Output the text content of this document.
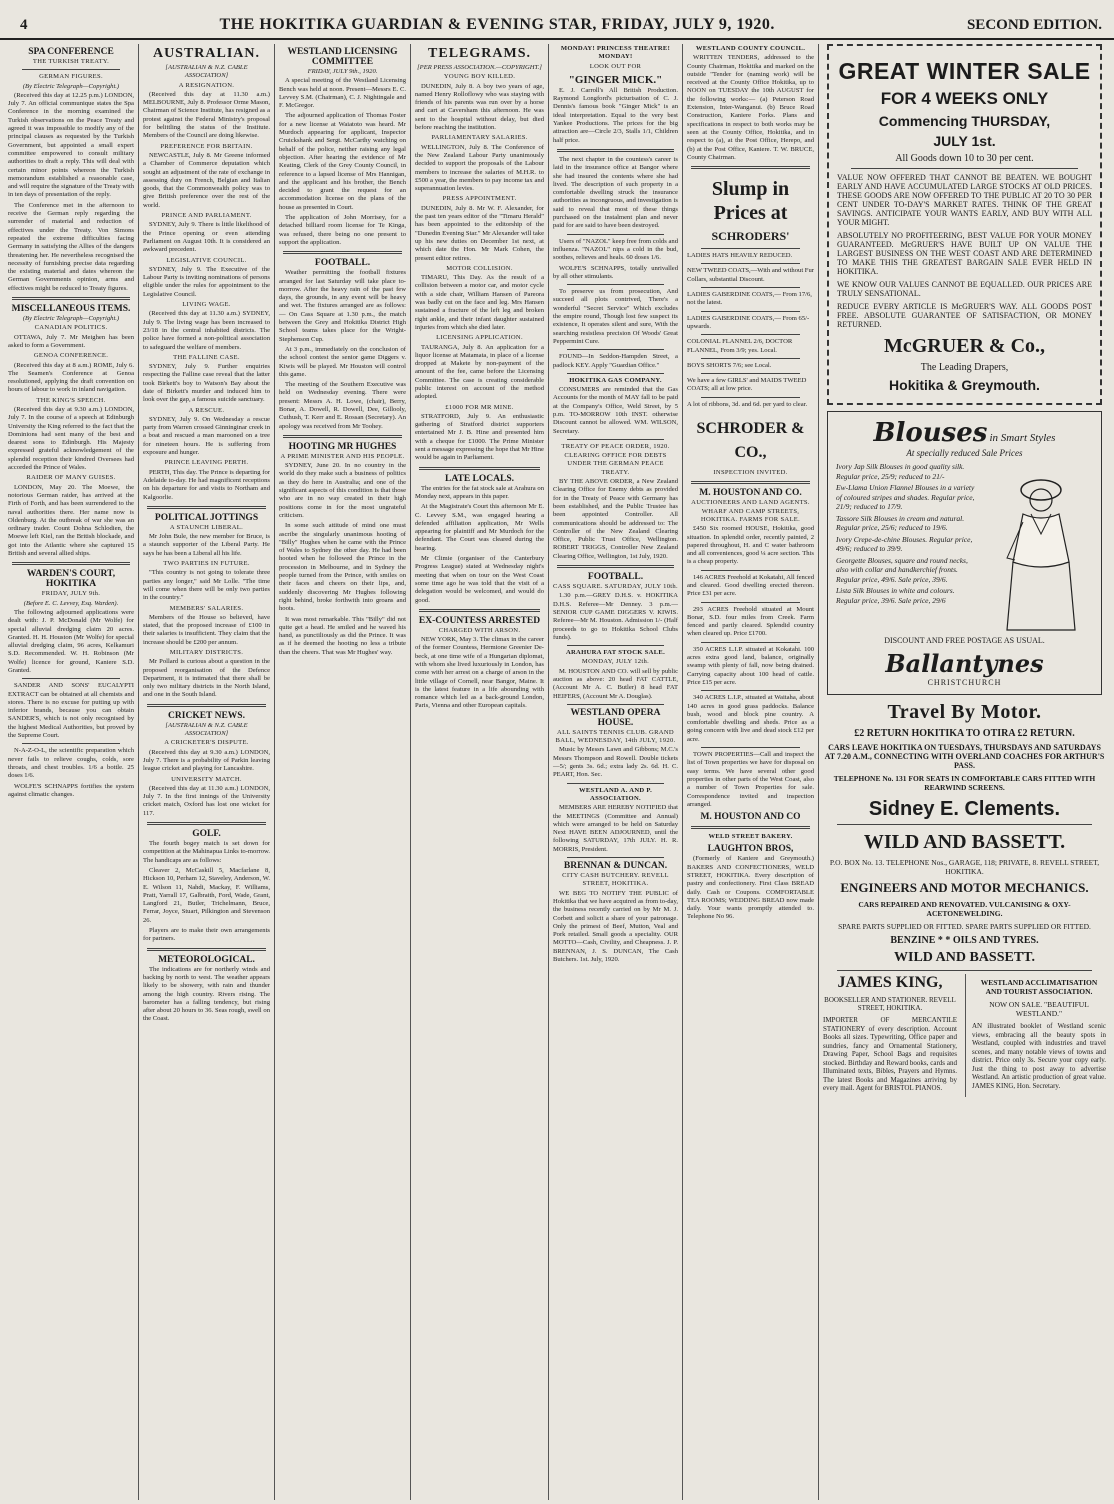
4	THE HOKITIKA GUARDIAN & EVENING STAR, FRIDAY, JULY 9, 1920.	SECOND EDITION.
SPA CONFERENCE
THE TURKISH TREATY.
GERMAN FIGURES.
(By Electric Telegraph—Copyright.)

(Received this day at 12.25 p.m.) LONDON, July 7. An official communique states the Spa Conference in the morning examined the Turkish observations on the Peace Treaty and agreed it was impossible to modify any of the principal clauses as requested by the Turkish Government, but appointed a small expert committee empowered to consult military authorities to draft a reply. This will deal with certain minor points whereon the Turkish memorandum established a reasonable case, and will require the signature of the Treaty with in ten days of presentation of the reply.

The Conference met in the afternoon to receive the German reply regarding the surrender of material and reduction of effectives under the Treaty. Von Simons repeated the extreme difficulties facing Germany in satisfying the Allies of the dangers threatening her. He nevertheless recognised the necessity of furnishing precise data regarding the existing material and dates whereon the German Governments opinion, arms and effectives might be reduced to Treaty figures.

MISCELLANEOUS ITEMS.
(By Electric Telegraph—Copyright.)
CANADIAN POLITICS.

OTTAWA, July 7. Mr Meighen has been asked to form a Government.

GENOA CONFERENCE.

(Received this day at 8 a.m.) ROME, July 6. The Seamen's Conference at Genoa resolutioned, applying the draft convention on hours of labour to work in inland navigation.

THE KING'S SPEECH.

(Received this day at 9.30 a.m.) LONDON, July 7. In the course of a speech at Edinburgh University the King referred to the fact that the Dominions had sent many of the best and dearest sons to Edinburgh. His Majesty expressed grateful acknowledgement of the splendid reception their kindred Oversees had accorded the Prince of Wales.

RAIDER OF MANY GUISES.

LONDON, May 20. The Moewe, the notorious German raider, has arrived at the Firth of Forth, and has been surrendered to the naval authorities there. Her name now is Oldenburg. At the outbreak of war she was an ordinary trader. Count Dohna Schlodien, the Moewe left Kiel, ran the British blockade, and got into the Atlantic where she captured 15 British and several allied ships.

WARDEN'S COURT, HOKITIKA
FRIDAY, JULY 9th.
(Before E. C. Levvey, Esq. Warden).

The following adjourned applications were dealt with: J. P. McDonald (Mr Wolfe) for special alluvial dredging claim 20 acres. Granted. H. H. Houston (Mr Wolfe) for special alluvial dredging claim, 96 acres, Kelkamuri S.D. Recommended. W. H. Robinson (Mr Wolfe) licence for ground, Kaniere S.D. Granted.

SANDER AND SONS' EUCALYPTI EXTRACT can be obtained at all chemists and stores. There is no excuse for putting up with inferior brands, because you can obtain SANDER'S, which is not only recognised by the highest Medical Authorities, but proved by the Supreme Court.

N-A-Z-O-L, the scientific preparation which never fails to relieve coughs, colds, sore throats, and chest troubles. 1/6 a bottle. 25 doses 1/6.

WOLFE'S SCHNAPPS fortifies the system against climatic changes.

AUSTRALIAN.
[AUSTRALIAN & N.Z. CABLE ASSOCIATION]
A RESIGNATION.

(Received this day at 11.30 a.m.) MELBOURNE, July 8. Professor Orme Mason, Chairman of Science Institute, has resigned as a protest against the Federal Ministry's proposal for belittling the status of the Institute. Members of the Council are doing likewise.

PREFERENCE FOR BRITAIN.

NEWCASTLE, July 8. Mr Greene informed a Chamber of Commerce deputation which sought an adjustment of the rate of exchange in assessing duty on French, Belgian and Italian goods, that the Commonwealth policy was to give British preference over the rest of the world.

PRINCE AND PARLIAMENT.

SYDNEY, July 9. There is little likelihood of the Prince opening or even attending Parliament on August 10th. It is considered an awkward precedent.

LEGISLATIVE COUNCIL.

SYDNEY, July 9. The Executive of the Labour Party is inviting nominations of persons eligible under the rules for appointment to the Legislative Council.

LIVING WAGE.

(Received this day at 11.30 a.m.) SYDNEY, July 9. The living wage has been increased to 23/18 in the central inhabited districts. The police have formed a non-political association to safeguard the welfare of members.

THE FALLINE CASE.

SYDNEY, July 9. Further enquiries respecting the Falline case reveal that the latter took Birkett's boy to Watson's Bay about the date of Birkett's murder and induced him to look over the gap, a famous suicide sanctuary.

A RESCUE.

SYDNEY, July 9. On Wednesday a rescue party from Warren crossed Ginninginar creek in a boat and rescued a man marooned on a tree for nineteen hours. He is suffering from exposure and hunger.

PRINCE LEAVING PERTH.

PERTH, This day. The Prince is departing for Adelaide to-day. He had magnificent receptions on his departure for and visits to Northam and Kalgoorlie.

POLITICAL JOTTINGS
A STAUNCH LIBERAL.

Mr John Bule, the new member for Bruce, is a staunch supporter of the Liberal Party. He says he has been a Liberal all his life.

TWO PARTIES IN FUTURE.

"This country is not going to tolerate three parties any longer," said Mr Lolle. "The time will come when there will be only two parties in the country."

MEMBERS' SALARIES.

Members of the House so believed, have stated, that the proposed increase of £100 in their salaries is insufficient. They claim that the increase should be £200 per annum.

MILITARY DISTRICTS.

Mr Pollard is curious about a question in the proposed reorganisation of the Defence Department, it is intimated that there shall be only two military districts in the North Island, and one in the South Island.

CRICKET NEWS.
[AUSTRALIAN & N.Z. CABLE ASSOCIATION]
A CRICKETER'S DISPUTE.

(Received this day at 9.30 a.m.) LONDON, July 7. There is a probability of Parkin leaving league cricket and playing for Lancashire.

UNIVERSITY MATCH.

(Received this day at 11.30 a.m.) LONDON, July 7. In the first innings of the University cricket match, Oxford has lost one wicket for 117.

GOLF.

The fourth bogey match is set down for competition at the Mahinapua Links to-morrow. The handicaps are as follows:

Cleaver 2, McCaskill 5, Macfarlane 8, Hickson 10, Perham 12, Staveley, Anderson, W. E. Wilson 11, Nahdi, Mackay, F. Williams, Pratt, Yarrall 17, Galbraith, Ford, Wade, Grant, Langford 21, Butler, Trichelmann, Bruce, Ferrar, Joyce, Stuart, Pilkington and Stevenson 26.

Players are to make their own arrangements for partners.

METEOROLOGICAL.

The indications are for northerly winds and backing by north to west. The weather appears likely to be showery, with rain and thunder among the high country. Rivers rising. The barometer has a falling tendency, but rising after about 20 hours to 36. Seas rough, swell on the Coast.

WESTLAND LICENSING COMMITTEE
FRIDAY, JULY 9th., 1920.

A special meeting of the Westland Licensing Bench was held at noon. Present—Messrs E. C. Levvey S.M. (Chairman), C. J. Nightingale and F. McGregor.

The adjourned application of Thomas Foster for a new license at Waiatoto was heard. Mr Murdoch appearing for applicant, Inspector Cruickshank and Sergt. McCarthy watching on behalf of the police, neither raising any legal objection. After hearing the evidence of Mr Keating, Clerk of the Grey County Council, in reference to a lapsed license of Mrs Hannigan, and the applicant and his brother, the Bench decided to grant the request for an accommodation license on the plans of the house as presented in Court.

The application of John Morrisey, for a detached billiard room license for Te Kinga, was refused, there being no one present to support the application.

FOOTBALL.

Weather permitting the football fixtures arranged for last Saturday will take place to-morrow. After the heavy rain of the past few days, the grounds, in any event will be heavy and wet. The fixtures arranged are as follows:— On Cass Square at 1.30 p.m., the match between the Grey and Hokitika District High School teams takes place for the Wright-Stephenson Cup.

At 3 p.m., immediately on the conclusion of the school contest the senior game Diggers v. Kiwis will be played. Mr Houston will control this game.

The meeting of the Southern Executive was held on Wednesday evening. There were present: Messrs A. H. Lowe, (chair), Berry, Bonar, A. Dowell, R. Dowell, Dee, Gillooly, Cuthush, T. Kerr and E. Rossan (Secretary). An apology was received from Mr Toohey.

HOOTING MR HUGHES
A PRIME MINISTER AND HIS PEOPLE.

SYDNEY, June 20. In no country in the world do they make such a business of politics as they do here in Australia; and one of the significant aspects of this condition is that those who are in no way created in their high positions come in for the most ungrateful criticism.

In some such attitude of mind one must ascribe the singularly unanimous hooting of "Billy" Hughes when he came with the Prince of Wales to Sydney the other day. He had been hooted when he followed the Prince in the procession in Melbourne, and in Sydney the people turned from the Prince, with smiles on their faces and cheers on their lips, and, suddenly discovering Mr Hughes following right behind, broke forthwith into groans and hoots.

It was most remarkable. This "Billy" did not quite get a head. He smiled and he waved his hand, as punctiliously as did the Prince. It was as if he deemed the hooting no less a tribute than the cheers. That was Mr Hughes' way.

TELEGRAMS.
[PER PRESS ASSOCIATION.—COPYRIGHT.]
YOUNG BOY KILLED.

DUNEDIN, July 8. A boy two years of age, named Henry Rolloflowy who was staying with friends of his parents was run over by a horse and cart at Caversham this afternoon. He was sent to the hospital without delay, but died before reaching the institution.

PARLIAMENTARY SALARIES.

WELLINGTON, July 8. The Conference of the New Zealand Labour Party unanimously decided to support the proposals of the Labour members to increase the salaries of M.H.R. to £500 a year, the members to pay income tax and superannuation levies.

PRESS APPOINTMENT.

DUNEDIN, July 8. Mr W. F. Alexander, for the past ten years editor of the "Timaru Herald" has been appointed to the editorship of the "Dunedin Evening Star." Mr Alexander will take up his new duties on December 1st next, at which date the Hon. Mr Mark Cohen, the present editor retires.

MOTOR COLLISION.

TIMARU, This Day. As the result of a collision between a motor car, and motor cycle with a side chair, William Hansen of Pareora was badly cut on the face and leg. Mrs Hansen sustained a fracture of the left leg and broken right ankle, and their infant daughter sustained injuries from which she died later.

LICENSING APPLICATION.

TAURANGA, July 8. An application for a liquor license at Matamata, in place of a license dropped at Makete by non-payment of the amount of the fee, came before the Licensing Committee. The case is creating considerable public interest on account of the method adopted.

£1000 FOR MR MINE.

STRATFORD, July 9. An enthusiastic gathering of Stratford district supporters entertained Mr J. B. Hine and presented him with a cheque for £1000. The Prime Minister sent a message expressing the hope that Mr Hine would be again in Parliament.

LATE LOCALS.

The entries for the fat stock sale at Arahura on Monday next, appears in this paper.

At the Magistrate's Court this afternoon Mr E. C. Levvey S.M., was engaged hearing a defended affiliation application, Mr Wells appearing for plaintiff and Mr Murdoch for the defendant. The Court was cleared during the hearing.

Mr Climie (organiser of the Canterbury Progress League) stated at Wednesday night's meeting that when on tour on the West Coast some time ago he was told that the visit of a delegation would be welcomed, and would do good.

EX-COUNTESS ARRESTED
CHARGED WITH ARSON.

NEW YORK, May 3. The climax in the career of the former Countess, Hermione Greenier De-beck, at one time wife of a Hungarian diplomat, with whom she lived luxuriously in London, has come with her arrest on a charge of arson in the little village of Cornell, near Bangor, Maine. It is the latest feature in a life abounding with romance which led as a back-ground London, Paris, Vienna and other European capitals.

MONDAY! PRINCESS THEATRE! MONDAY!
LOOK OUT FOR
"GINGER MICK."

E. J. Carroll's All British Production. Raymond Longford's picturisation of C. J. Dennis's famous book "Ginger Mick" is an ideal interpretation. Equal to the very best Yankee Productions. The prices for the big attraction are—Circle 2/3, Stalls 1/1, Children half price.

The next chapter in the countess's career is laid in the insurance office at Bangor where she had insured the contents where she had lived. The description of such property in a comfortable dwelling struck the insurance authorities as incongruous, and investigation is said to reveal that most of these things purchased on the instalment plan and never paid for are said to have been destroyed.

Users of "NAZOL" keep free from colds and influenza. "NAZOL" nips a cold in the bud, soothes, relieves and heals. 60 doses 1/6.

WOLFE'S SCHNAPPS, totally unrivalled by all other stimulants.

To preserve us from prosecution, And succeed all plots contrived, There's a wonderful "Secret Service" Which excludes the empire round, Though lost few suspect its existence, It operates silent and sure, With the searching resistless precision Of Woods' Great Peppermint Cure.

FOUND—In Seddon-Hampden Street, a padlock KEY. Apply "Guardian Office."

HOKITIKA GAS COMPANY.

CONSUMERS are reminded that the Gas Accounts for the month of MAY fall to be paid at the Company's Office, Weld Street, by 5 p.m. TO-MORROW 10th INST. otherwise Discount cannot be allowed. WM. WILSON, Secretary.

TREATY OF PEACE ORDER, 1920.
CLEARING OFFICE FOR DEBTS UNDER THE GERMAN PEACE TREATY.

BY THE ABOVE ORDER, a New Zealand Clearing Office for Enemy debts as provided for in the Treaty of Peace with Germany has been established, and the Public Trustee has been appointed Controller. All communications should be addressed to: The Controller of the New Zealand Clearing Office, Public Trust Office, Wellington. ROBERT TRIGGS, Controller New Zealand Clearing Office, Wellington, 1st July, 1920.

FOOTBALL.
CASS SQUARE. SATURDAY, JULY 10th.

1.30 p.m.—GREY D.H.S. v. HOKITIKA D.H.S. Referee—Mr Denney. 3 p.m.—SENIOR CUP GAME DIGGERS V. KIWIS. Referee—Mr M. Houston. Admission 1/- (Half proceeds to go to Hokitika School Clubs funds).

ARAHURA FAT STOCK SALE.
MONDAY, JULY 12th.

M. HOUSTON AND CO. will sell by public auction as above: 20 head FAT CATTLE, (Account Mr A. C. Butler) 8 head FAT HEIFERS, (Account Mr A. Douglas).

WESTLAND OPERA HOUSE.
ALL SAINTS TENNIS CLUB. GRAND BALL, WEDNESDAY, 14th JULY, 1920.

Music by Messrs Lawn and Gibbons; M.C.'s Messrs Thompson and Rowell. Double tickets—5/; gents 3s. 6d.; extra lady 2s. 6d. H. C. PEART, Hon. Sec.

WESTLAND A. AND P. ASSOCIATION.

MEMBERS ARE HEREBY NOTIFIED that the MEETINGS (Committee and Annual) which were arranged to be held on Saturday Next HAVE BEEN ADJOURNED, until the following SATURDAY, 17th JULY. H. R. MORRIS, President.

BRENNAN & DUNCAN.
CITY CASH BUTCHERY. REVELL STREET, HOKITIKA.

WE BEG TO NOTIFY THE PUBLIC of Hokitika that we have acquired as from to-day, the business recently carried on by Mr M. J. Corbett and solicit a share of your patronage. Only the primest of Beef, Mutton, Veal and Pork retailed. Small goods a speciality. OUR MOTTO—Cash, Civility, and Cheapness. J. P. BRENNAN, J. S. DUNCAN, The Cash Butchers. 1st. July, 1920.

WESTLAND COUNTY COUNCIL.

WRITTEN TENDERS, addressed to the County Chairman, Hokitika and marked on the outside "Tender for (naming work) will be received at the County Office Hokitika, up to NOON on TUESDAY the 10th AUGUST for the following works:— (a) Peterson Road Extension, Inter-Wanganui. (b) Bruce Road Construction, Kaniere Forks. Plans and specifications in respect to both works may be seen at the County Office, Hokitika, and in respect to (a), at the Post Office, Herepo, and (b) at the Post Office, Kaniere. T. W. BRUCE, County Chairman.

Slump in Prices at
SCHRODERS'

LADIES HATS HEAVILY REDUCED.

NEW TWEED COATS,—With and without Fur Collars, substantial Discount.

LADIES GABERDINE COATS,— From 17/6, not the latest.

LADIES GABERDINE COATS,— From 65/- upwards.

COLONIAL FLANNEL 2/6, DOCTOR FLANNEL, From 3/9; yes. Local.

BOYS SHORTS 7/6; see Local.

We have a few GIRLS' and MAIDS TWEED COATS; all at low price.

A lot of ribbons, 3d. and 6d. per yard to clear.

SCHRODER & CO.,
INSPECTION INVITED.
M. HOUSTON AND CO.
AUCTIONEERS AND LAND AGENTS. WHARF AND CAMP STREETS, HOKITIKA. FARMS FOR SALE.

£450 Six roomed HOUSE, Hokitika, good situation. In splendid order, recently painted, 2 papered throughout, H. and C water bathroom and all conveniences, good ¼ acre section. This is a cheap property.

146 ACRES Freehold at Kokatahi, All fenced and cleared. Good dwelling erected thereon. Price £31 per acre.

293 ACRES Freehold situated at Mount Bonar, S.D. four miles from Creek. Farm fenced and partly cleared. Splendid country when cleared up. Price £1700.

350 ACRES L.I.P. situated at Kokatahi. 100 acres extra good land, balance, originally swamp with plenty of fall, now being drained. Carrying capacity about 100 head of cattle. Price £15 per acre.

340 ACRES L.I.P., situated at Waitaha, about 140 acres in good grass paddocks. Balance bush, wood and block pine country. A comfortable dwelling and sheds. Price as a going concern with live and dead stock £12 per acre.

TOWN PROPERTIES—Call and inspect the list of Town properties we have for disposal on easy terms. We have several other good properties in other parts of the West Coast, also a number of Town Properties for sale. Correspondence invited and inspection arranged.

M. HOUSTON AND CO
WELD STREET BAKERY.
LAUGHTON BROS,

(Formerly of Kaniere and Greymouth.) BAKERS AND CONFECTIONERS, WELD STREET, HOKITIKA. Every description of pastry and confectionery. First Class BREAD daily. Cash or Coupons. COMFORTABLE TEA ROOMS; WEDDING BREAD now made daily. Your wants promptly attended to. Telephone No 96.

GREAT WINTER SALE
FOR 4 WEEKS ONLY
Commencing THURSDAY,
JULY 1st.
All Goods down 10 to 30 per cent.
VALUE NOW OFFERED THAT CANNOT BE BEATEN. WE BOUGHT EARLY AND HAVE ACCUMULATED LARGE STOCKS AT OLD PRICES. THESE GOODS ARE NOW OFFERED TO THE PUBLIC AT 20 TO 30 PER CENT UNDER TO-DAY'S MARKET RATES. THINK OF THE GREAT SAVINGS. ANTICIPATE YOUR WANTS EARLY, AND BUY WITH ALL YOUR MIGHT.
ABSOLUTELY NO PROFITEERING, BEST VALUE FOR YOUR MONEY GUARANTEED. McGRUER'S HAVE BUILT UP ON VALUE THE LARGEST BUSINESS ON THE WEST COAST AND ARE DETERMINED TO MAKE THIS THE GREATEST BARGAIN SALE EVER HELD IN HOKITIKA.
WE KNOW OUR VALUES CANNOT BE EQUALLED. OUR PRICES ARE TRULY SENSATIONAL.
REDUCE EVERY ARTICLE IS McGRUER'S WAY. ALL GOODS POST FREE. ABSOLUTE GUARANTEE OF SATISFACTION, OR MONEY RETURNED.
McGRUER & Co.,
The Leading Drapers,
Hokitika & Greymouth.
Blouses in Smart Styles
At specially reduced Sale Prices

Ivory Jap Silk Blouses in good quality silk. Regular price, 25/9; reduced to 21/-

Ew-Llama Union Flannel Blouses in a variety of coloured stripes and shades. Regular price, 21/9; reduced to 17/9.

Tassore Silk Blouses in cream and natural. Regular price, 25/6; reduced to 19/6.

Ivory Crepe-de-chine Blouses. Regular price, 49/6; reduced to 39/9.

Georgette Blouses, square and round necks, also with collar and handkerchief fronts. Regular price, 49/6. Sale price, 39/6.

Lista Silk Blouses in white and colours. Regular price, 39/6. Sale price, 29/6

DISCOUNT AND FREE POSTAGE AS USUAL.
Ballantynes
CHRISTCHURCH
Travel By Motor.
£2 RETURN HOKITIKA TO OTIRA £2 RETURN.
CARS LEAVE HOKITIKA ON TUESDAYS, THURSDAYS AND SATURDAYS AT 7.20 A.M., CONNECTING WITH OVERLAND COACHES FOR ARTHUR'S PASS.
TELEPHONE No. 131 FOR SEATS IN COMFORTABLE CARS FITTED WITH REARWIND SCREENS.
Sidney E. Clements.
WILD AND BASSETT.
P.O. BOX No. 13. TELEPHONE Nos., GARAGE, 118; PRIVATE, 8. REVELL STREET, HOKITIKA.
ENGINEERS AND MOTOR MECHANICS.
CARS REPAIRED AND RENOVATED. VULCANISING & OXY-ACETONEWELDING.
SPARE PARTS SUPPLIED OR FITTED. SPARE PARTS SUPPLIED OR FITTED.
BENZINE * * OILS AND TYRES.
WILD AND BASSETT.
JAMES KING,
BOOKSELLER AND STATIONER. REVELL STREET, HOKITIKA.
IMPORTER OF MERCANTILE STATIONERY of every description. Account Books all sizes. Typewriting, Office paper and sundries, fancy and Ornamental Stationery, Drawing Paper, School Bags and requisites stocked. Birthday and Reward books, cards and Illuminated texts, Bibles, Prayers and Hymns. The latest Books and Magazines arriving by every mail. Agent for BRISTOL PIANOS.
WESTLAND ACCLIMATISATION AND TOURIST ASSOCIATION.
NOW ON SALE. "BEAUTIFUL WESTLAND."
AN illustrated booklet of Westland scenic views, embracing all the beauty spots in Westland, coupled with industries and travel scenes, and many notable views of towns and district. Price only 3s. Secure your copy early. Just the thing to post away to advertise Westland. An artistic production of great value. JAMES KING, Hon. Secretary.
